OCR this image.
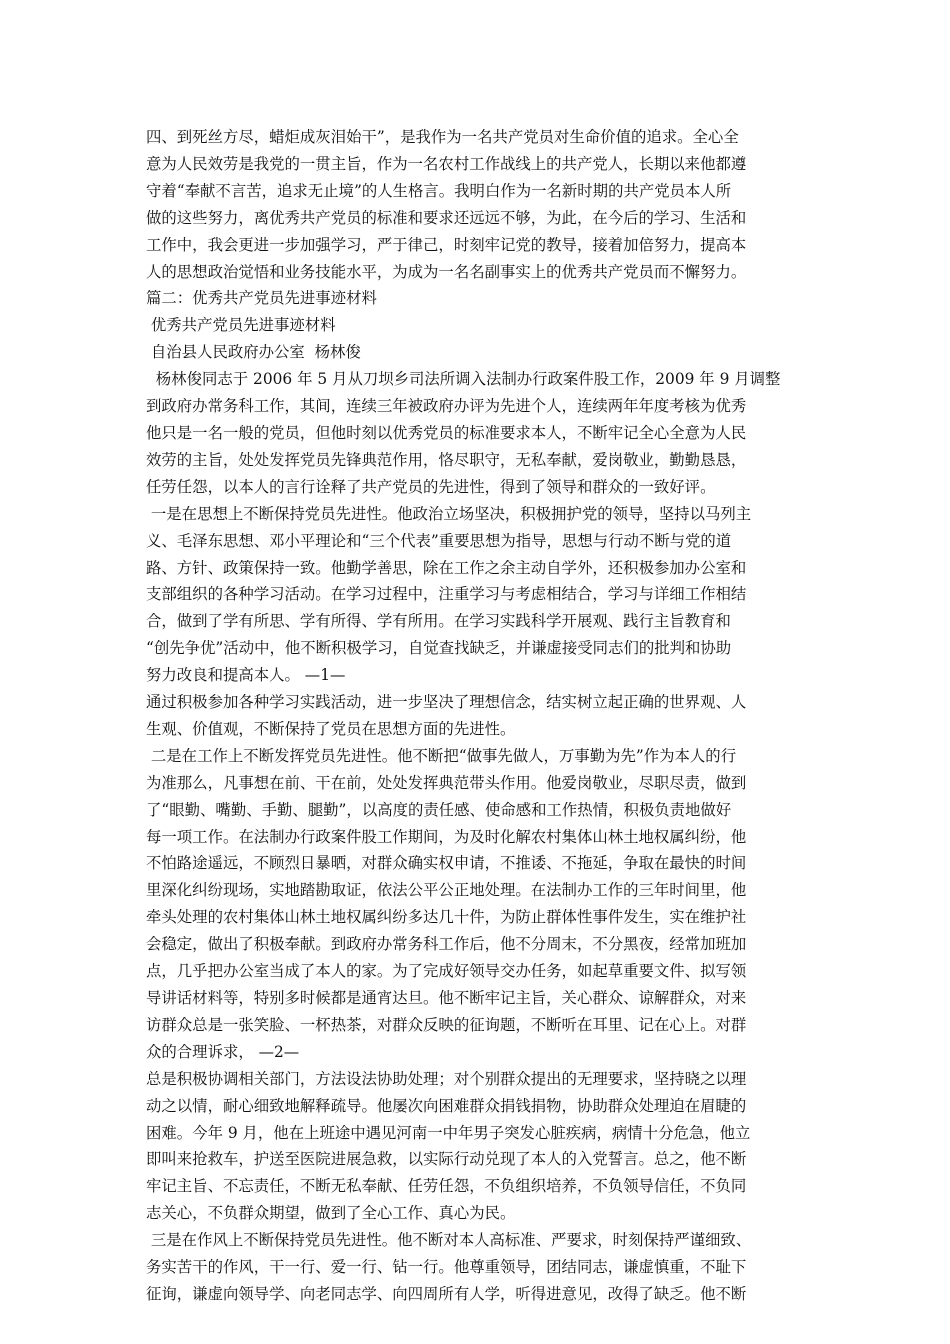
四、到死丝方尽，蜡炬成灰泪始干”，是我作为一名共产党员对生命价值的追求。全心全
意为人民效劳是我党的一贯主旨，作为一名农村工作战线上的共产党人，长期以来他都遵
守着“奉献不言苦，追求无止境”的人生格言。我明白作为一名新时期的共产党员本人所
做的这些努力，离优秀共产党员的标准和要求还远远不够，为此，在今后的学习、生活和
工作中，我会更进一步加强学习，严于律己，时刻牢记党的教导，接着加倍努力，提高本
人的思想政治觉悟和业务技能水平，为成为一名名副事实上的优秀共产党员而不懈努力。
篇二：优秀共产党员先进事迹材料
优秀共产党员先进事迹材料
自治县人民政府办公室  杨林俊
杨林俊同志于 2006 年 5 月从刀坝乡司法所调入法制办行政案件股工作，2009 年 9 月调整
到政府办常务科工作，其间，连续三年被政府办评为先进个人，连续两年年度考核为优秀
他只是一名一般的党员，但他时刻以优秀党员的标准要求本人，不断牢记全心全意为人民
效劳的主旨，处处发挥党员先锋典范作用，恪尽职守，无私奉献，爱岗敬业，勤勤恳恳，
任劳任怨，以本人的言行诠释了共产党员的先进性，得到了领导和群众的一致好评。
一是在思想上不断保持党员先进性。他政治立场坚决，积极拥护党的领导，坚持以马列主
义、毛泽东思想、邓小平理论和“三个代表”重要思想为指导，思想与行动不断与党的道
路、方针、政策保持一致。他勤学善思，除在工作之余主动自学外，还积极参加办公室和
支部组织的各种学习活动。在学习过程中，注重学习与考虑相结合，学习与详细工作相结
合，做到了学有所思、学有所得、学有所用。在学习实践科学开展观、践行主旨教育和
“创先争优”活动中，他不断积极学习，自觉查找缺乏，并谦虚接受同志们的批判和协助
努力改良和提高本人。 —1—
通过积极参加各种学习实践活动，进一步坚决了理想信念，结实树立起正确的世界观、人
生观、价值观，不断保持了党员在思想方面的先进性。
二是在工作上不断发挥党员先进性。他不断把“做事先做人，万事勤为先”作为本人的行
为准那么，凡事想在前、干在前，处处发挥典范带头作用。他爱岗敬业，尽职尽责，做到
了“眼勤、嘴勤、手勤、腿勤”，以高度的责任感、使命感和工作热情，积极负责地做好
每一项工作。在法制办行政案件股工作期间，为及时化解农村集体山林土地权属纠纷，他
不怕路途遥远，不顾烈日暴晒，对群众确实权申请，不推诿、不拖延，争取在最快的时间
里深化纠纷现场，实地踏勘取证，依法公平公正地处理。在法制办工作的三年时间里，他
牵头处理的农村集体山林土地权属纠纷多达几十件，为防止群体性事件发生，实在维护社
会稳定，做出了积极奉献。到政府办常务科工作后，他不分周末，不分黑夜，经常加班加
点，几乎把办公室当成了本人的家。为了完成好领导交办任务，如起草重要文件、拟写领
导讲话材料等，特别多时候都是通宵达旦。他不断牢记主旨，关心群众、谅解群众，对来
访群众总是一张笑脸、一杯热茶，对群众反映的征询题，不断听在耳里、记在心上。对群
众的合理诉求， —2—
总是积极协调相关部门，方法设法协助处理；对个别群众提出的无理要求，坚持晓之以理
动之以情，耐心细致地解释疏导。他屡次向困难群众捐钱捐物，协助群众处理迫在眉睫的
困难。今年 9 月，他在上班途中遇见河南一中年男子突发心脏疾病，病情十分危急，他立
即叫来抢救车，护送至医院进展急救，以实际行动兑现了本人的入党誓言。总之，他不断
牢记主旨、不忘责任，不断无私奉献、任劳任怨，不负组织培养，不负领导信任，不负同
志关心，不负群众期望，做到了全心工作、真心为民。
三是在作风上不断保持党员先进性。他不断对本人高标准、严要求，时刻保持严谨细致、
务实苦干的作风，干一行、爱一行、钻一行。他尊重领导，团结同志，谦虚慎重，不耻下
征询，谦虚向领导学、向老同志学、向四周所有人学，听得进意见，改得了缺乏。他不断
